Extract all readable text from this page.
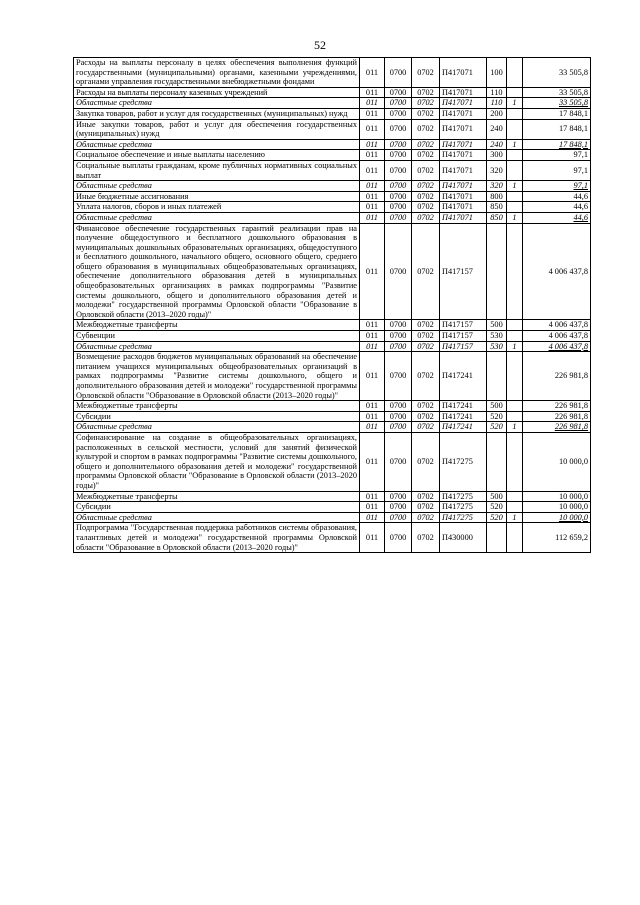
52
Расходы на выплаты персоналу в целях обеспечения выполнения функций государственными (муниципальными) органами, казенными учреждениями, органами управления государственными внебюджетными фондами	011	0700	0702	П417071	100		33 505,8
Расходы на выплаты персоналу казенных учреждений	011	0700	0702	П417071	110		33 505,8
Областные средства	011	0700	0702	П417071	110	1	33 505,8
Закупка товаров, работ и услуг для государственных (муниципальных) нужд	011	0700	0702	П417071	200		17 848,1
Иные закупки товаров, работ и услуг для обеспечения государственных (муниципальных) нужд	011	0700	0702	П417071	240		17 848,1
Областные средства	011	0700	0702	П417071	240	1	17 848,1
Социальное обеспечение и иные выплаты населению	011	0700	0702	П417071	300		97,1
Социальные выплаты гражданам, кроме публичных нормативных социальных выплат	011	0700	0702	П417071	320		97,1
Областные средства	011	0700	0702	П417071	320	1	97,1
Иные бюджетные ассигнования	011	0700	0702	П417071	800		44,6
Уплата налогов, сборов и иных платежей	011	0700	0702	П417071	850		44,6
Областные средства	011	0700	0702	П417071	850	1	44,6
Финансовое обеспечение государственных гарантий реализации прав на получение общедоступного и бесплатного дошкольного образования в муниципальных дошкольных образовательных организациях, общедоступного и бесплатного дошкольного, начального общего, основного общего, среднего общего образования в муниципальных общеобразовательных организациях, обеспечение дополнительного образования детей в муниципальных общеобразовательных организациях в рамках подпрограммы "Развитие системы дошкольного, общего и дополнительного образования детей и молодежи" государственной программы Орловской области "Образование в Орловской области (2013–2020 годы)"	011	0700	0702	П417157			4 006 437,8
Межбюджетные трансферты	011	0700	0702	П417157	500		4 006 437,8
Субвенции	011	0700	0702	П417157	530		4 006 437,8
Областные средства	011	0700	0702	П417157	530	1	4 006 437,8
Возмещение расходов бюджетов муниципальных образований на обеспечение питанием учащихся муниципальных общеобразовательных организаций в рамках подпрограммы "Развитие системы дошкольного, общего и дополнительного образования детей и молодежи" государственной программы Орловской области "Образование в Орловской области (2013–2020 годы)"	011	0700	0702	П417241			226 981,8
Межбюджетные трансферты	011	0700	0702	П417241	500		226 981,8
Субсидии	011	0700	0702	П417241	520		226 981,8
Областные средства	011	0700	0702	П417241	520	1	226 981,8
Софинансирование на создание в общеобразовательных организациях, расположенных в сельской местности, условий для занятий физической культурой и спортом в рамках подпрограммы "Развитие системы дошкольного, общего и дополнительного образования детей и молодежи" государственной программы Орловской области "Образование в Орловской области (2013–2020 годы)"	011	0700	0702	П417275			10 000,0
Межбюджетные трансферты	011	0700	0702	П417275	500		10 000,0
Субсидии	011	0700	0702	П417275	520		10 000,0
Областные средства	011	0700	0702	П417275	520	1	10 000,0
Подпрограмма "Государственная поддержка работников системы образования, талантливых детей и молодежи" государственной программы Орловской области "Образование в Орловской области (2013–2020 годы)"	011	0700	0702	П430000			112 659,2
